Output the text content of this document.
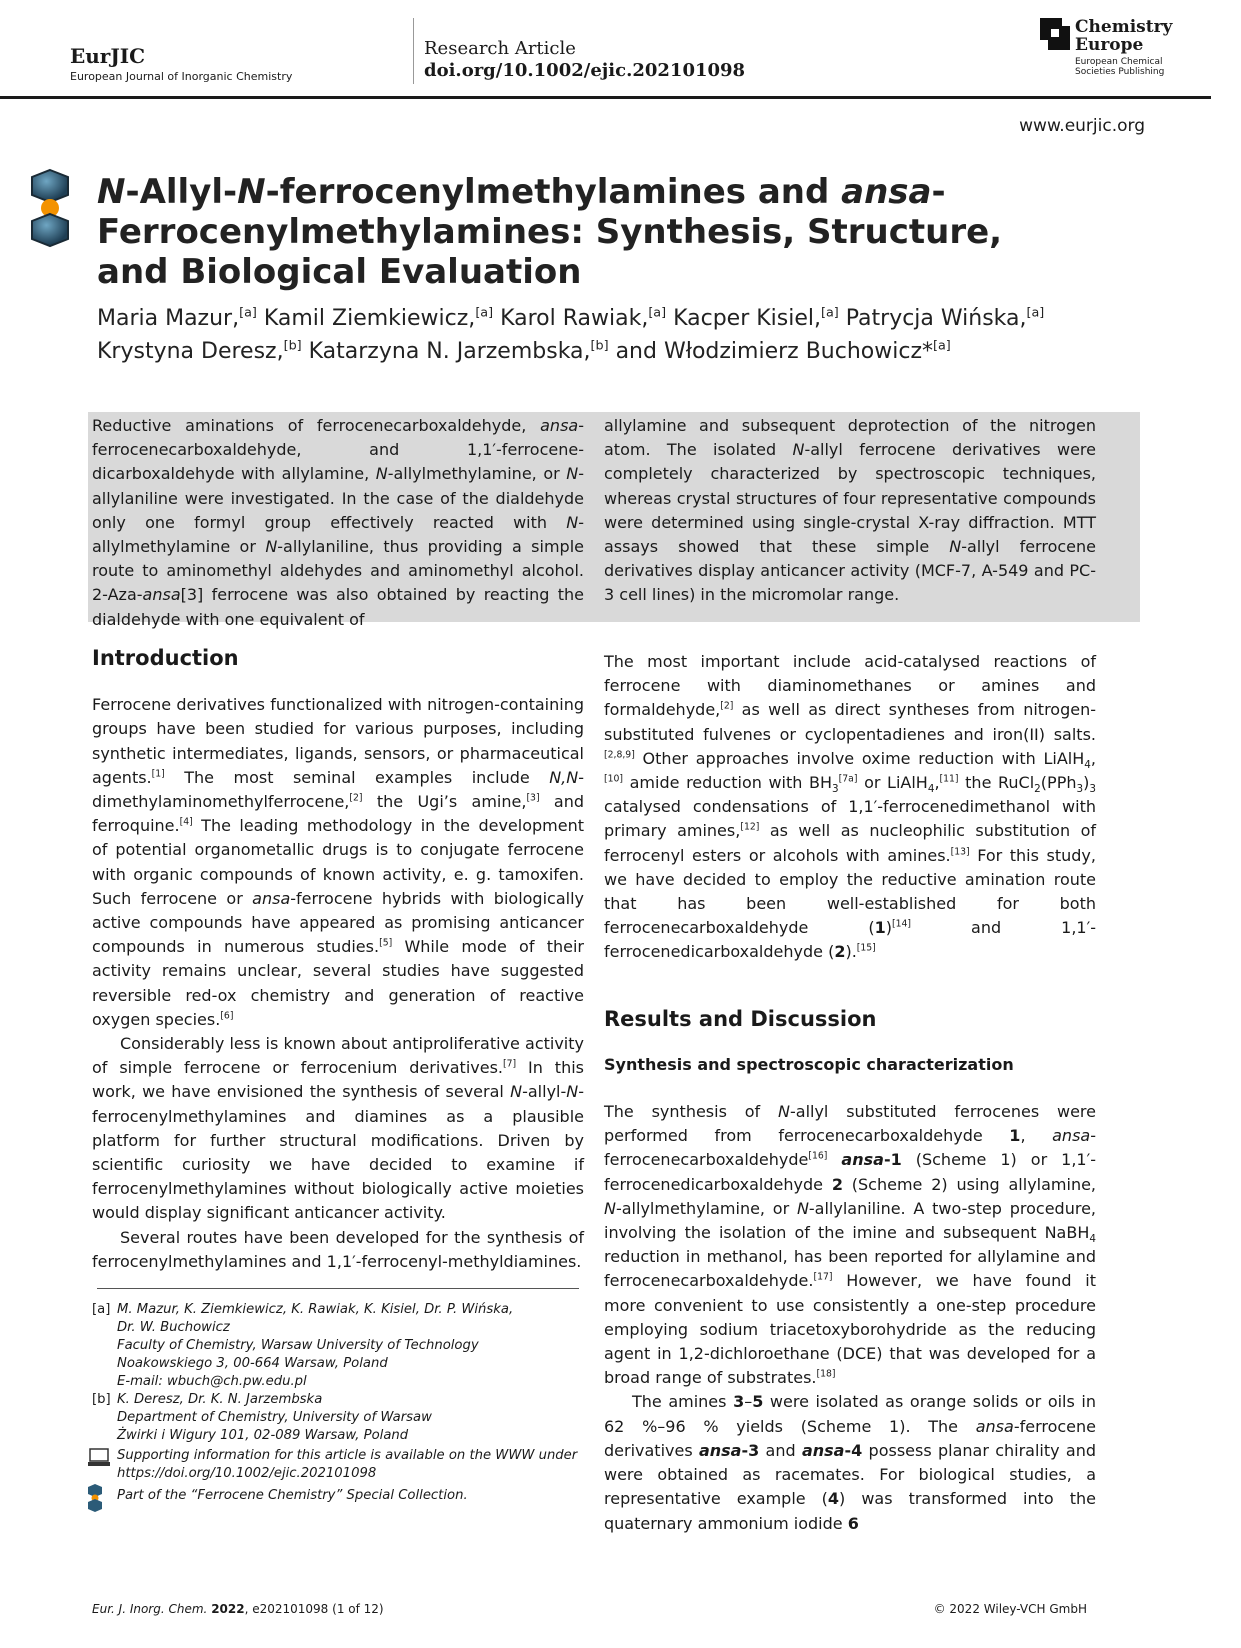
EurJIC
European Journal of Inorganic Chemistry
Research Article
doi.org/10.1002/ejic.202101098
Chemistry
Europe
European Chemical
Societies Publishing
www.eurjic.org
N-Allyl-N-ferrocenylmethylamines and ansa-Ferrocenylmethylamines: Synthesis, Structure, and Biological Evaluation
Maria Mazur,[a] Kamil Ziemkiewicz,[a] Karol Rawiak,[a] Kacper Kisiel,[a] Patrycja Wińska,[a]
Krystyna Deresz,[b] Katarzyna N. Jarzembska,[b] and Włodzimierz Buchowicz*[a]
Reductive aminations of ferrocenecarboxaldehyde, ansa-ferrocenecarboxaldehyde, and 1,1′-ferrocene-dicarboxaldehyde with allylamine, N-allylmethylamine, or N-allylaniline were investigated. In the case of the dialdehyde only one formyl group effectively reacted with N-allylmethylamine or N-allylaniline, thus providing a simple route to aminomethyl aldehydes and aminomethyl alcohol. 2-Aza-ansa[3] ferrocene was also obtained by reacting the dialdehyde with one equivalent of
allylamine and subsequent deprotection of the nitrogen atom. The isolated N-allyl ferrocene derivatives were completely characterized by spectroscopic techniques, whereas crystal structures of four representative compounds were determined using single-crystal X-ray diffraction. MTT assays showed that these simple N-allyl ferrocene derivatives display anticancer activity (MCF-7, A-549 and PC-3 cell lines) in the micromolar range.
Introduction

Ferrocene derivatives functionalized with nitrogen-containing groups have been studied for various purposes, including synthetic intermediates, ligands, sensors, or pharmaceutical agents.[1] The most seminal examples include N,N-dimethylaminomethylferrocene,[2] the Ugi’s amine,[3] and ferroquine.[4] The leading methodology in the development of potential organometallic drugs is to conjugate ferrocene with organic compounds of known activity, e. g. tamoxifen. Such ferrocene or ansa-ferrocene hybrids with biologically active compounds have appeared as promising anticancer compounds in numerous studies.[5] While mode of their activity remains unclear, several studies have suggested reversible red-ox chemistry and generation of reactive oxygen species.[6]

Considerably less is known about antiproliferative activity of simple ferrocene or ferrocenium derivatives.[7] In this work, we have envisioned the synthesis of several N-allyl-N-ferrocenylmethylamines and diamines as a plausible platform for further structural modifications. Driven by scientific curiosity we have decided to examine if ferrocenylmethylamines without biologically active moieties would display significant anticancer activity.

Several routes have been developed for the synthesis of ferrocenylmethylamines and 1,1′-ferrocenyl-methyldiamines.

[a] M. Mazur, K. Ziemkiewicz, K. Rawiak, K. Kisiel, Dr. P. Wińska,
Dr. W. Buchowicz
Faculty of Chemistry, Warsaw University of Technology
Noakowskiego 3, 00-664 Warsaw, Poland
E-mail: wbuch@ch.pw.edu.pl
[b] K. Deresz, Dr. K. N. Jarzembska
Department of Chemistry, University of Warsaw
Żwirki i Wigury 101, 02-089 Warsaw, Poland
Supporting information for this article is available on the WWW under
https://doi.org/10.1002/ejic.202101098
Part of the “Ferrocene Chemistry” Special Collection.

The most important include acid-catalysed reactions of ferrocene with diaminomethanes or amines and formaldehyde,[2] as well as direct syntheses from nitrogen-substituted fulvenes or cyclopentadienes and iron(II) salts.[2,8,9] Other approaches involve oxime reduction with LiAlH$_4$,[10] amide reduction with $BH_3[7a]$ or LiAlH$_4$,[11] the $RuCl_2(PPh_3)_3$ catalysed condensations of 1,1′-ferrocenedimethanol with primary amines,[12] as well as nucleophilic substitution of ferrocenyl esters or alcohols with amines.[13] For this study, we have decided to employ the reductive amination route that has been well-established for both ferrocenecarboxaldehyde (1)[14] and 1,1′-ferrocenedicarboxaldehyde (2).[15]

Results and Discussion
Synthesis and spectroscopic characterization

The synthesis of N-allyl substituted ferrocenes were performed from ferrocenecarboxaldehyde 1, ansa-ferrocenecarboxaldehyde[16] ansa-1 (Scheme 1) or 1,1′-ferrocenedicarboxaldehyde 2 (Scheme 2) using allylamine, N-allylmethylamine, or N-allylaniline. A two-step procedure, involving the isolation of the imine and subsequent NaBH$_4$ reduction in methanol, has been reported for allylamine and ferrocenecarboxaldehyde.[17] However, we have found it more convenient to use consistently a one-step procedure employing sodium triacetoxyborohydride as the reducing agent in 1,2-dichloroethane (DCE) that was developed for a broad range of substrates.[18]

The amines 3–5 were isolated as orange solids or oils in 62 %–96 % yields (Scheme 1). The ansa-ferrocene derivatives ansa-3 and ansa-4 possess planar chirality and were obtained as racemates. For biological studies, a representative example (4) was transformed into the quaternary ammonium iodide 6

Eur. J. Inorg. Chem. 2022, e202101098 (1 of 12)	© 2022 Wiley-VCH GmbH
